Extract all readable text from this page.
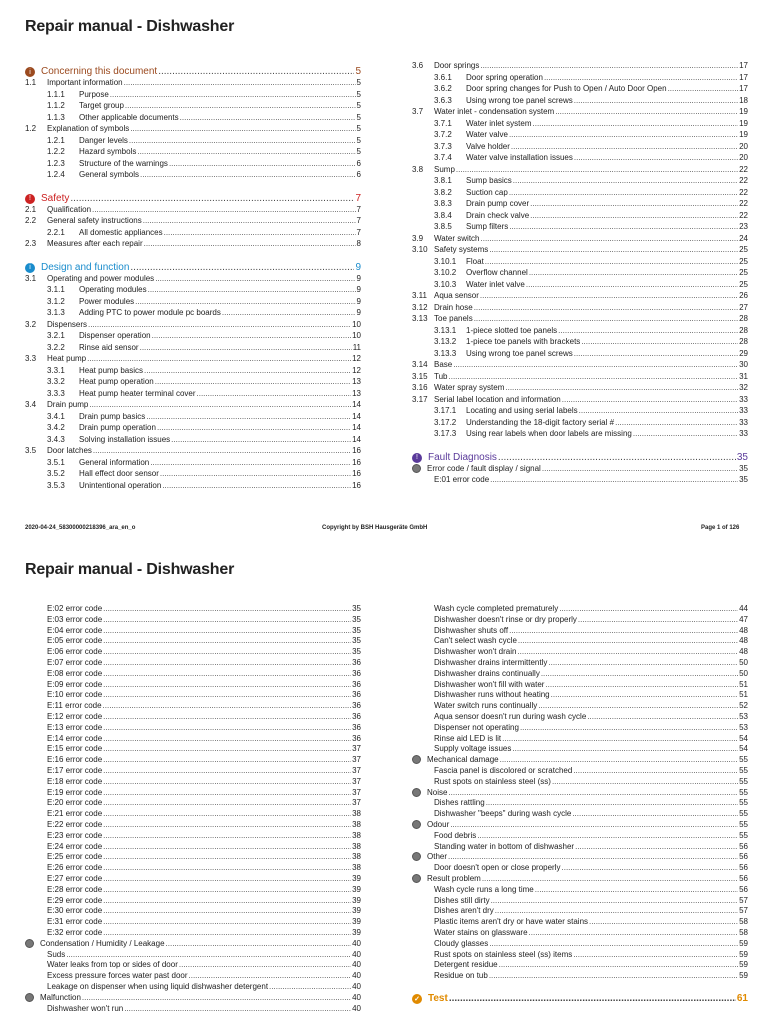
Repair manual - Dishwasher
i	Concerning this document .....	5
1.1	Important information .....	5
1.1.1	Purpose .....	5
1.1.2	Target group .....	5
1.1.3	Other applicable documents .....	5
1.2	Explanation of symbols .....	5
1.2.1	Danger levels .....	5
1.2.2	Hazard symbols .....	5
1.2.3	Structure of the warnings .....	6
1.2.4	General symbols .....	6
!	Safety .....	7
2.1	Qualification .....	7
2.2	General safety instructions .....	7
2.2.1	All domestic appliances .....	7
2.3	Measures after each repair .....	8
i	Design and function .....	9
3.1	Operating and power modules .....	9
3.1.1	Operating modules .....	9
3.1.2	Power modules .....	9
3.1.3	Adding PTC to power module pc boards .....	9
3.2	Dispensers .....	10
3.2.1	Dispenser operation .....	10
3.2.2	Rinse aid sensor .....	11
3.3	Heat pump .....	12
3.3.1	Heat pump basics .....	12
3.3.2	Heat pump operation .....	13
3.3.3	Heat pump heater terminal cover .....	13
3.4	Drain pump .....	14
3.4.1	Drain pump basics .....	14
3.4.2	Drain pump operation .....	14
3.4.3	Solving installation issues .....	14
3.5	Door latches .....	16
3.5.1	General information .....	16
3.5.2	Hall effect door sensor .....	16
3.5.3	Unintentional operation .....	16
3.6	Door springs .....	17
3.6.1	Door spring operation .....	17
3.6.2	Door spring changes for Push to Open / Auto Door Open .....	17
3.6.3	Using wrong toe panel screws .....	18
3.7	Water inlet - condensation system .....	19
3.7.1	Water inlet system .....	19
3.7.2	Water valve .....	19
3.7.3	Valve holder .....	20
3.7.4	Water valve installation issues .....	20
3.8	Sump .....	22
3.8.1	Sump basics .....	22
3.8.2	Suction cap .....	22
3.8.3	Drain pump cover .....	22
3.8.4	Drain check valve .....	22
3.8.5	Sump filters .....	23
3.9	Water switch .....	24
3.10 Safety systems .....	25
3.10.1	Float .....	25
3.10.2	Overflow channel .....	25
3.10.3	Water inlet valve .....	25
3.11 Aqua sensor .....	26
3.12 Drain hose .....	27
3.13 Toe panels .....	28
3.13.1	1-piece slotted toe panels .....	28
3.13.2	1-piece toe panels with brackets .....	28
3.13.3	Using wrong toe panel screws .....	29
3.14 Base .....	30
3.15 Tub .....	31
3.16 Water spray system .....	32
3.17 Serial label location and information .....	33
3.17.1	Locating and using serial labels .....	33
3.17.2	Understanding the 18-digit factory serial # .....	33
3.17.3	Using rear labels when door labels are missing .....	33
!	Fault Diagnosis .....	35
Error code / fault display / signal .....	35
E:01 error code .....	35
2020-04-24_58300000218396_ara_en_o	Copyright by BSH Hausgeräte GmbH	Page 1 of 126
Repair manual - Dishwasher
E:02 error code .....	35
E:03 error code .....	35
E:04 error code .....	35
E:05 error code .....	35
E:06 error code .....	35
E:07 error code .....	36
E:08 error code .....	36
E:09 error code .....	36
E:10 error code .....	36
E:11 error code .....	36
E:12 error code .....	36
E:13 error code .....	36
E:14 error code .....	36
E:15 error code .....	37
E:16 error code .....	37
E:17 error code .....	37
E:18 error code .....	37
E:19 error code .....	37
E:20 error code .....	37
E:21 error code .....	38
E:22 error code .....	38
E:23 error code .....	38
E:24 error code .....	38
E:25 error code .....	38
E:26 error code .....	38
E:27 error code .....	39
E:28 error code .....	39
E:29 error code .....	39
E:30 error code .....	39
E:31 error code .....	39
E:32 error code .....	39
Condensation / Humidity / Leakage .....	40
Suds .....	40
Water leaks from top or sides of door .....	40
Excess pressure forces water past door .....	40
Leakage on dispenser when using liquid dishwasher detergent .....	40
Malfunction .....	40
Dishwasher won't run .....	40
Wash cycle completed prematurely .....	44
Dishwasher doesn't rinse or dry properly .....	47
Dishwasher shuts off .....	48
Can't select wash cycle .....	48
Dishwasher won't drain .....	48
Dishwasher drains intermittently .....	50
Dishwasher drains continually .....	50
Dishwasher won't fill with water .....	51
Dishwasher runs without heating .....	51
Water switch runs continually .....	52
Aqua sensor doesn't run during wash cycle .....	53
Dispenser not operating .....	53
Rinse aid LED is lit .....	54
Supply voltage issues .....	54
Mechanical damage .....	55
Fascia panel is discolored or scratched .....	55
Rust spots on stainless steel (ss) .....	55
Noise .....	55
Dishes rattling .....	55
Dishwasher "beeps" during wash cycle .....	55
Odour .....	55
Food debris .....	55
Standing water in bottom of dishwasher .....	56
Other .....	56
Door doesn't open or close properly .....	56
Result problem .....	56
Wash cycle runs a long time .....	56
Dishes still dirty .....	57
Dishes aren't dry .....	57
Plastic items aren't dry or have water stains .....	58
Water stains on glassware .....	58
Cloudy glasses .....	59
Rust spots on stainless steel (ss) items .....	59
Detergent residue .....	59
Residue on tub .....	59
✓ Test .....	61
